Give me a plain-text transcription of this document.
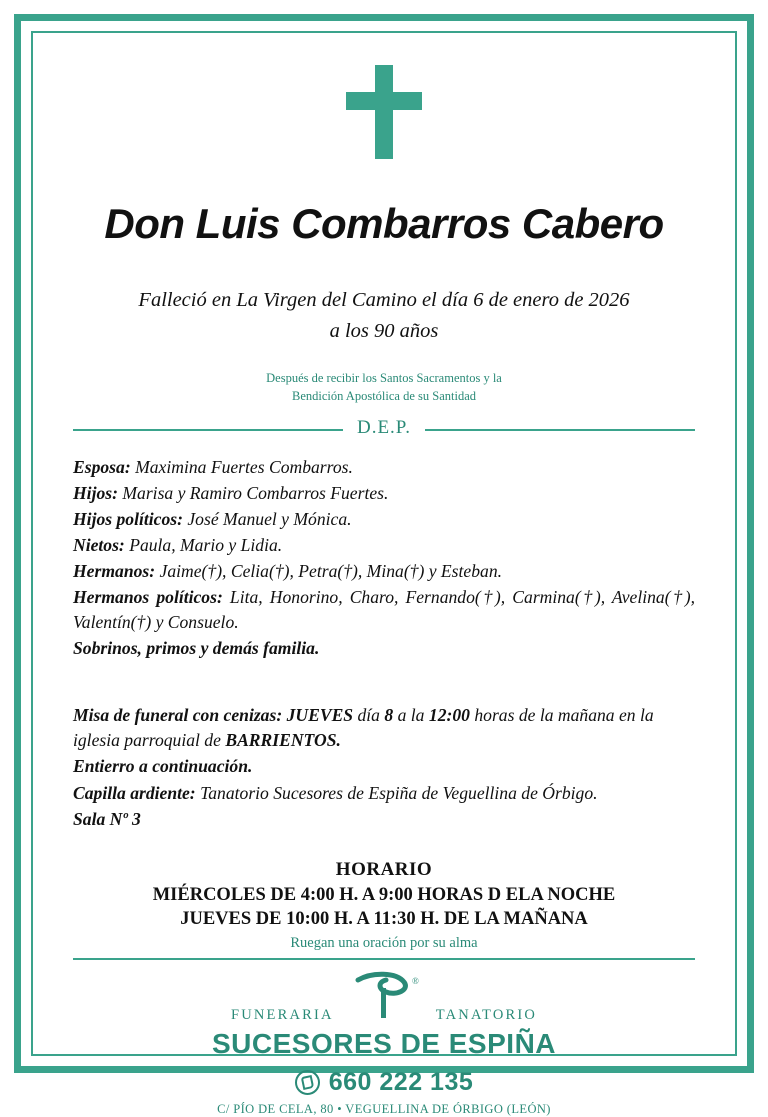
Don Luis Combarros Cabero
Falleció en La Virgen del Camino el día 6 de enero de 2026
a los 90 años
Después de recibir los Santos Sacramentos y la
Bendición Apostólica de su Santidad
D.E.P.

Esposa: Maximina Fuertes Combarros.

Hijos: Marisa y Ramiro Combarros Fuertes.

Hijos políticos: José Manuel y Mónica.

Nietos: Paula, Mario y Lidia.

Hermanos: Jaime(†), Celia(†), Petra(†), Mina(†) y Esteban.

Hermanos políticos: Lita, Honorino, Charo, Fernando(†), Carmina(†), Avelina(†), Valentín(†) y Consuelo.

Sobrinos, primos y demás familia.

Misa de funeral con cenizas: JUEVES día 8 a la 12:00 horas de la mañana en la iglesia parroquial de BARRIENTOS.

Entierro a continuación.

Capilla ardiente: Tanatorio Sucesores de Espiña de Veguellina de Órbigo.

Sala Nº 3

HORARIO
MIÉRCOLES DE 4:00 H. A 9:00 HORAS D ELA NOCHE
JUEVES DE 10:00 H. A 11:30 H. DE LA MAÑANA
Ruegan una oración por su alma
®
FUNERARIA	TANATORIO
SUCESORES DE ESPIÑA
660 222 135
C/ PÍO DE CELA, 80 • VEGUELLINA DE ÓRBIGO (LEÓN)
